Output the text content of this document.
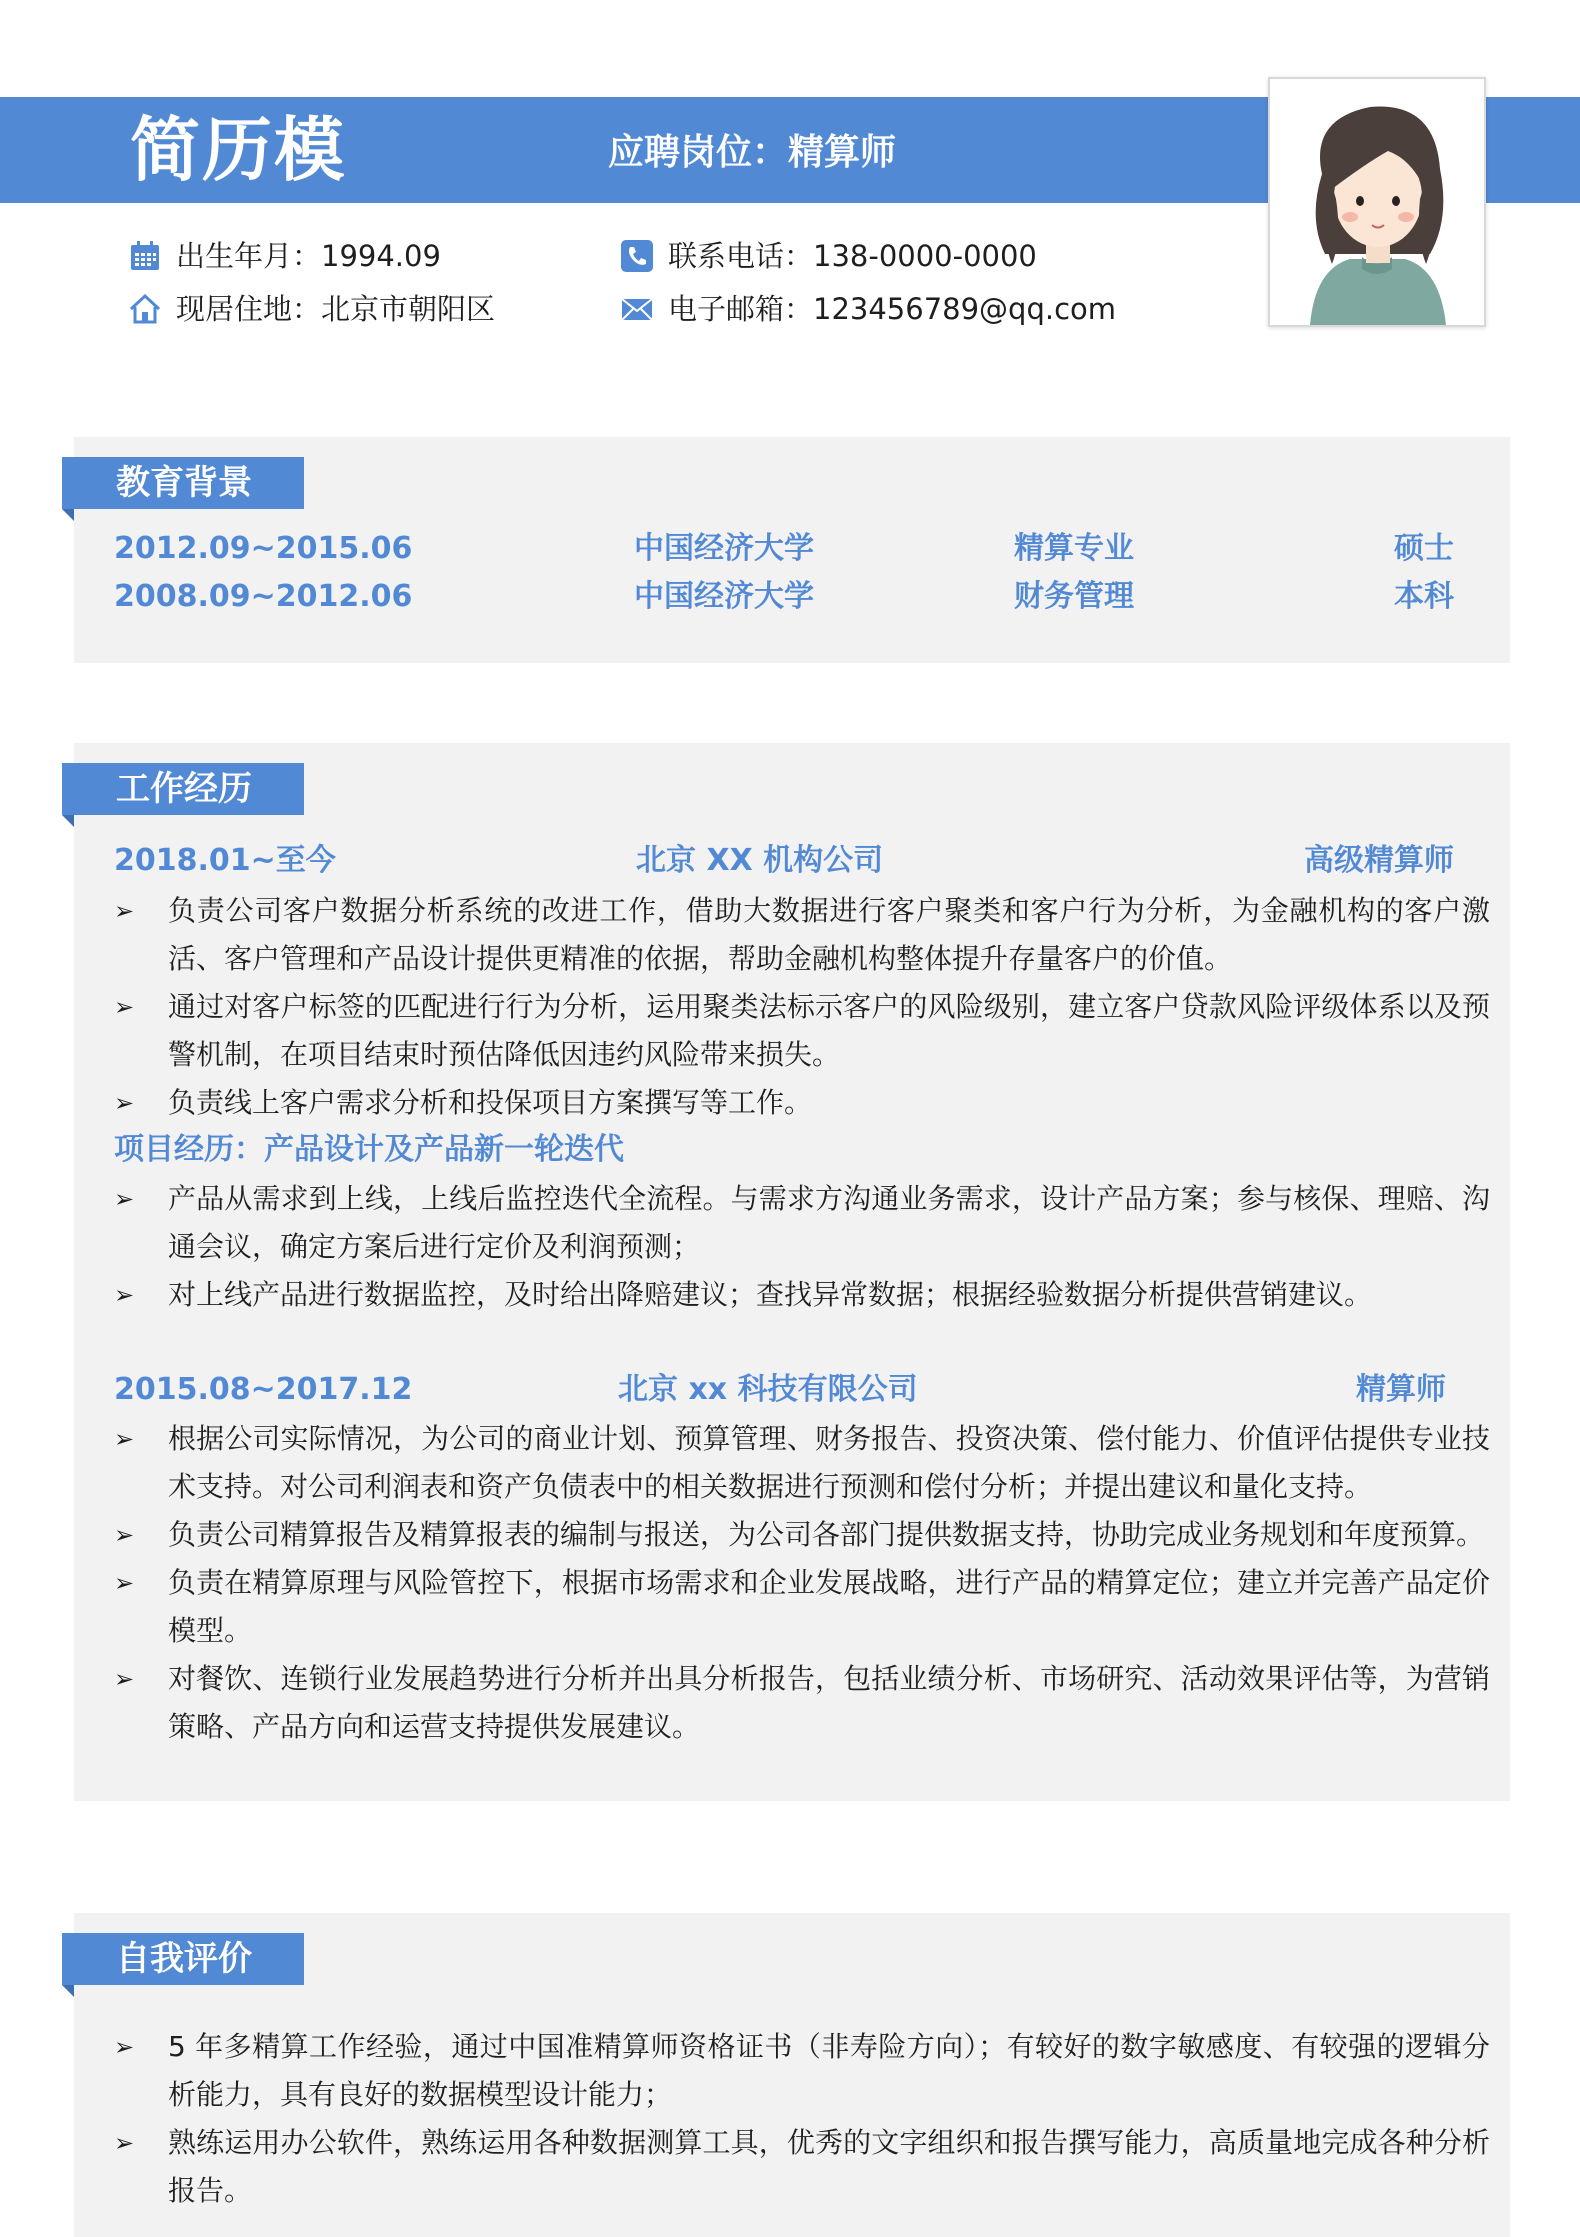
简历模	应聘岗位：精算师
出生年月：1994.09
现居住地：北京市朝阳区
联系电话：138-0000-0000
电子邮箱：123456789@qq.com
教育背景
2012.09~2015.06	中国经济大学	精算专业	硕士
2008.09~2012.06	中国经济大学	财务管理	本科
工作经历
2018.01~至今	北京 XX 机构公司	高级精算师
➢ 负责公司客户数据分析系统的改进工作，借助大数据进行客户聚类和客户行为分析，为金融机构的客户激活、客户管理和产品设计提供更精准的依据，帮助金融机构整体提升存量客户的价值。
➢ 通过对客户标签的匹配进行行为分析，运用聚类法标示客户的风险级别，建立客户贷款风险评级体系以及预警机制，在项目结束时预估降低因违约风险带来损失。
➢ 负责线上客户需求分析和投保项目方案撰写等工作。
项目经历：产品设计及产品新一轮迭代
➢ 产品从需求到上线，上线后监控迭代全流程。与需求方沟通业务需求，设计产品方案；参与核保、理赔、沟通会议，确定方案后进行定价及利润预测；
➢ 对上线产品进行数据监控，及时给出降赔建议；查找异常数据；根据经验数据分析提供营销建议。
2015.08~2017.12	北京 xx 科技有限公司	精算师
➢ 根据公司实际情况，为公司的商业计划、预算管理、财务报告、投资决策、偿付能力、价值评估提供专业技术支持。对公司利润表和资产负债表中的相关数据进行预测和偿付分析；并提出建议和量化支持。
➢ 负责公司精算报告及精算报表的编制与报送，为公司各部门提供数据支持，协助完成业务规划和年度预算。
➢ 负责在精算原理与风险管控下，根据市场需求和企业发展战略，进行产品的精算定位；建立并完善产品定价模型。
➢ 对餐饮、连锁行业发展趋势进行分析并出具分析报告，包括业绩分析、市场研究、活动效果评估等，为营销策略、产品方向和运营支持提供发展建议。
自我评价
➢ 5 年多精算工作经验，通过中国准精算师资格证书（非寿险方向）；有较好的数字敏感度、有较强的逻辑分析能力，具有良好的数据模型设计能力；
➢ 熟练运用办公软件，熟练运用各种数据测算工具，优秀的文字组织和报告撰写能力，高质量地完成各种分析报告。
